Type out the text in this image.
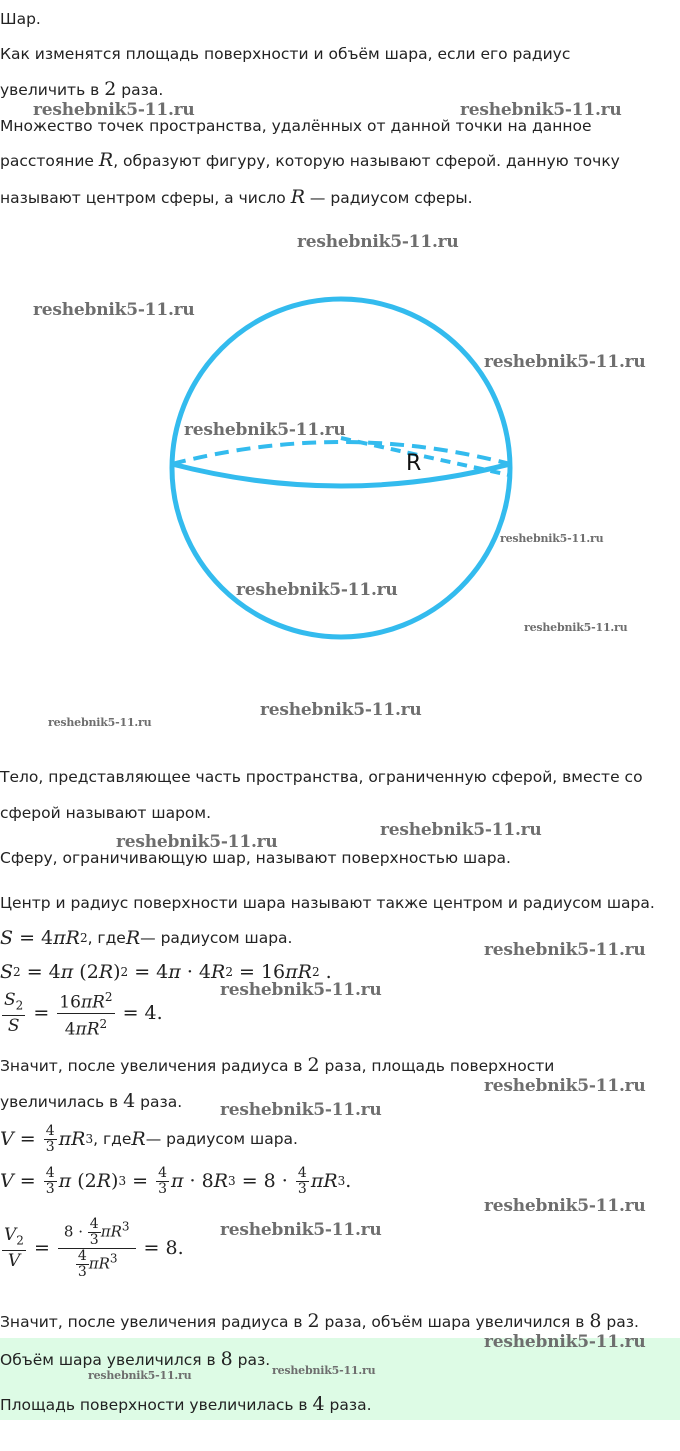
Шар.
Как изменятся площадь поверхности и объём шара, если его радиус
увеличить в 2 раза.
Множество точек пространства, удалённых от данной точки на данное
расстояние R, образуют фигуру, которую называют сферой. данную точку
называют центром сферы, а число R — радиусом сферы.
R
Тело, представляющее часть пространства, ограниченную сферой, вместе со
сферой называют шаром.
Сферу, ограничивающую шар, называют поверхностью шара.
Центр и радиус поверхности шара называют также центром и радиусом шара.
S = 4 π R 2 , где R — радиусом шара.
S 2 = 4 π (2 R ) 2 = 4 π · 4 R 2 = 16 π R 2 .
$\frac{S_2}{S} = \frac{16\pi R^2}{4\pi R^2} = 4$.
Значит, после увеличения радиуса в 2 раза, площадь поверхности
увеличилась в 4 раза.
$V = \frac{4}{3}$ π R 3 , где R — радиусом шара.
$V = \frac{4}{3}$ π (2 R ) $3 = \frac{4}{3}$ π · 8 R $3 = 8 \cdot \frac{4}{3}$ π R 3 .
$\frac{V_2}{V} = \frac{8 \cdot \frac{4}{3} \pi R^3}{\frac{4}{3} \pi R^3} = 8$.
Значит, после увеличения радиуса в 2 раза, объём шара увеличился в 8 раз.
Объём шара увеличился в 8 раз.
Площадь поверхности увеличилась в 4 раза.
reshebnik5-11.ru	reshebnik5-11.ru
reshebnik5-11.ru
reshebnik5-11.ru
reshebnik5-11.ru
reshebnik5-11.ru
reshebnik5-11.ru
reshebnik5-11.ru
reshebnik5-11.ru
reshebnik5-11.ru
reshebnik5-11.ru
reshebnik5-11.ru
reshebnik5-11.ru
reshebnik5-11.ru
reshebnik5-11.ru
reshebnik5-11.ru
reshebnik5-11.ru
reshebnik5-11.ru
reshebnik5-11.ru
reshebnik5-11.ru
reshebnik5-11.ru	reshebnik5-11.ru
